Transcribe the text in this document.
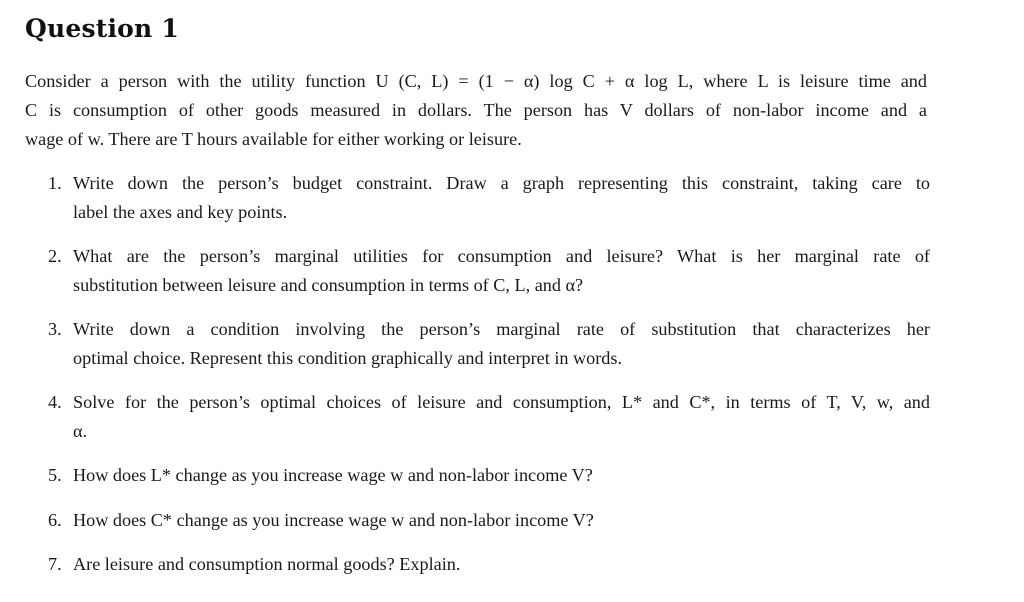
Question 1
Consider a person with the utility function U (C, L) = (1 − α) log C + α log L, where L is leisure time and
C is consumption of other goods measured in dollars. The person has V dollars of non-labor income and a
wage of w. There are T hours available for either working or leisure.
1. Write down the person’s budget constraint. Draw a graph representing this constraint, taking care to
label the axes and key points.
2. What are the person’s marginal utilities for consumption and leisure? What is her marginal rate of
substitution between leisure and consumption in terms of C, L, and α?
3. Write down a condition involving the person’s marginal rate of substitution that characterizes her
optimal choice. Represent this condition graphically and interpret in words.
4. Solve for the person’s optimal choices of leisure and consumption, L* and C*, in terms of T, V, w, and
α.
5. How does L* change as you increase wage w and non-labor income V?
6. How does C* change as you increase wage w and non-labor income V?
7. Are leisure and consumption normal goods? Explain.
